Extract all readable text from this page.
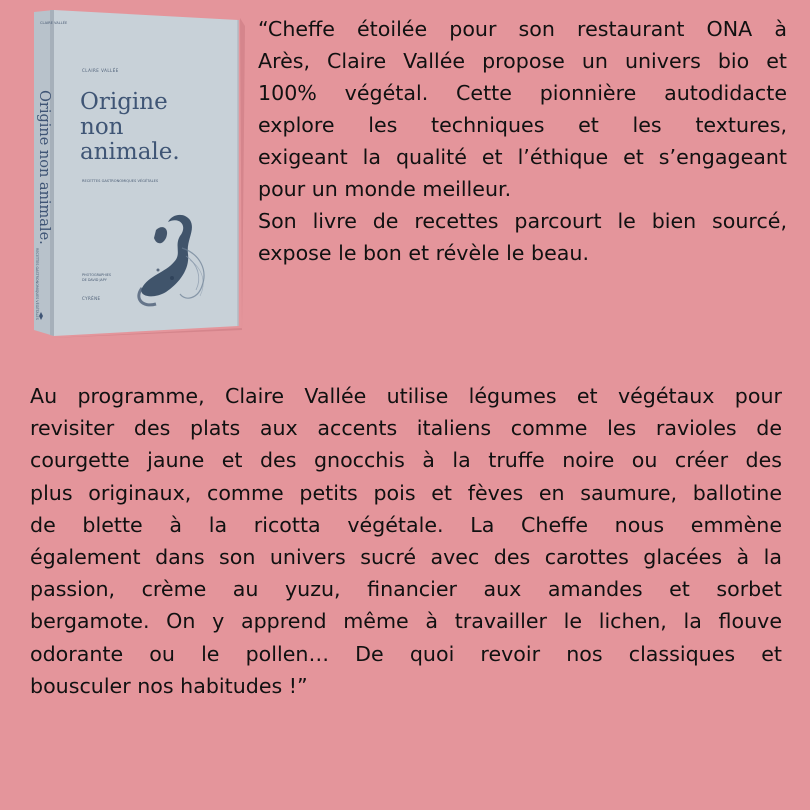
CLAIRE VALLÉE
Origine non animale.
RECETTES GASTRONOMIQUES VÉGÉTALES
CLAIRE VALLÉE
Origine
non
animale.
RECETTES GASTRONOMIQUES VÉGÉTALES
PHOTOGRAPHIES
DE DAVID JAPY
CYRÈNE

“Cheffe étoilée pour son restaurant ONA à
Arès, Claire Vallée propose un univers bio et
100% végétal. Cette pionnière autodidacte
explore les techniques et les textures,
exigeant la qualité et l’éthique et s’engageant
pour un monde meilleur.
Son livre de recettes parcourt le bien sourcé,
expose le bon et révèle le beau.

Au programme, Claire Vallée utilise légumes et végétaux pour
revisiter des plats aux accents italiens comme les ravioles de
courgette jaune et des gnocchis à la truffe noire ou créer des
plus originaux, comme petits pois et fèves en saumure, ballotine
de blette à la ricotta végétale. La Cheffe nous emmène
également dans son univers sucré avec des carottes glacées à la
passion, crème au yuzu, financier aux amandes et sorbet
bergamote. On y apprend même à travailler le lichen, la flouve
odorante ou le pollen… De quoi revoir nos classiques et
bousculer nos habitudes !”
